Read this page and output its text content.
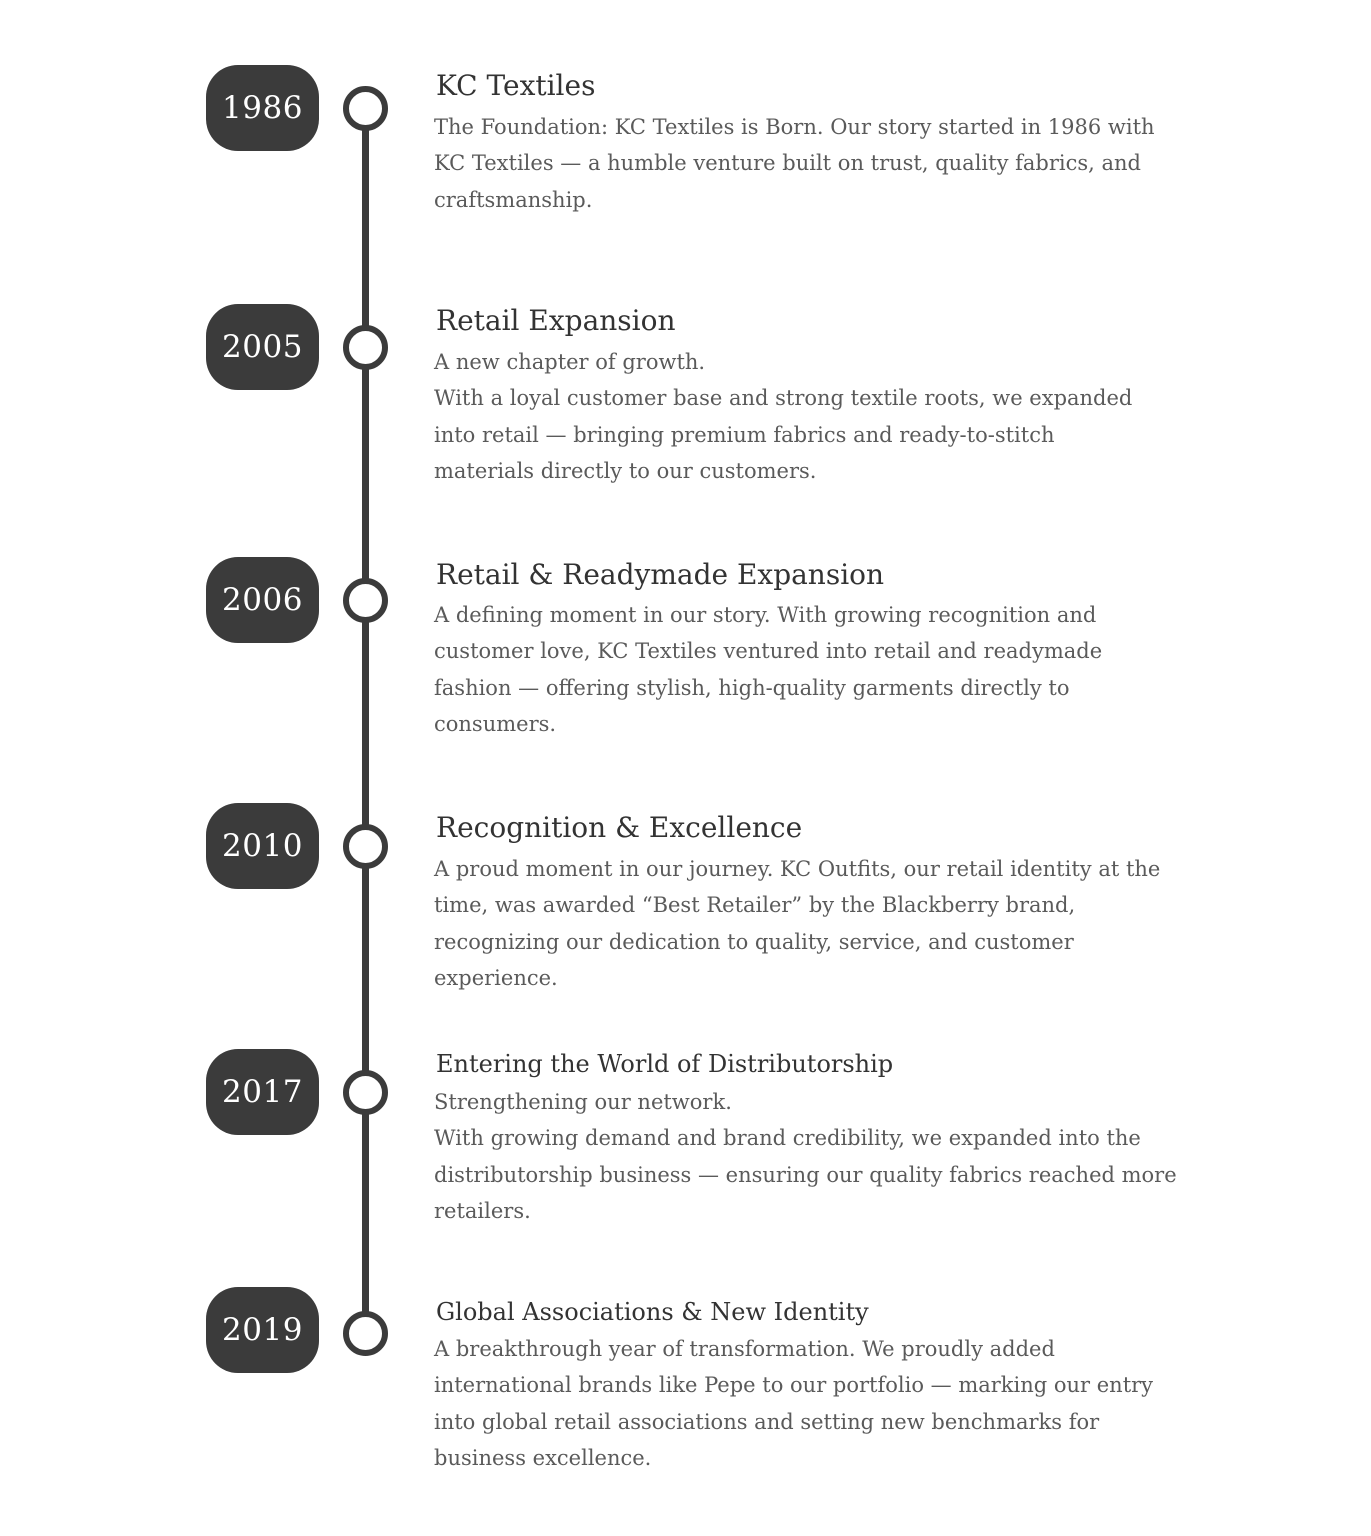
1986
KC Textiles
The Foundation: KC Textiles is Born. Our story started in 1986 with
KC Textiles — a humble venture built on trust, quality fabrics, and
craftsmanship.
2005
Retail Expansion
A new chapter of growth.
With a loyal customer base and strong textile roots, we expanded
into retail — bringing premium fabrics and ready-to-stitch
materials directly to our customers.
2006
Retail & Readymade Expansion
A defining moment in our story. With growing recognition and
customer love, KC Textiles ventured into retail and readymade
fashion — offering stylish, high-quality garments directly to
consumers.
2010
Recognition & Excellence
A proud moment in our journey. KC Outfits, our retail identity at the
time, was awarded “Best Retailer” by the Blackberry brand,
recognizing our dedication to quality, service, and customer
experience.
2017
Entering the World of Distributorship
Strengthening our network.
With growing demand and brand credibility, we expanded into the
distributorship business — ensuring our quality fabrics reached more
retailers.
2019	Global Associations & New Identity
A breakthrough year of transformation. We proudly added
international brands like Pepe to our portfolio — marking our entry
into global retail associations and setting new benchmarks for
business excellence.
